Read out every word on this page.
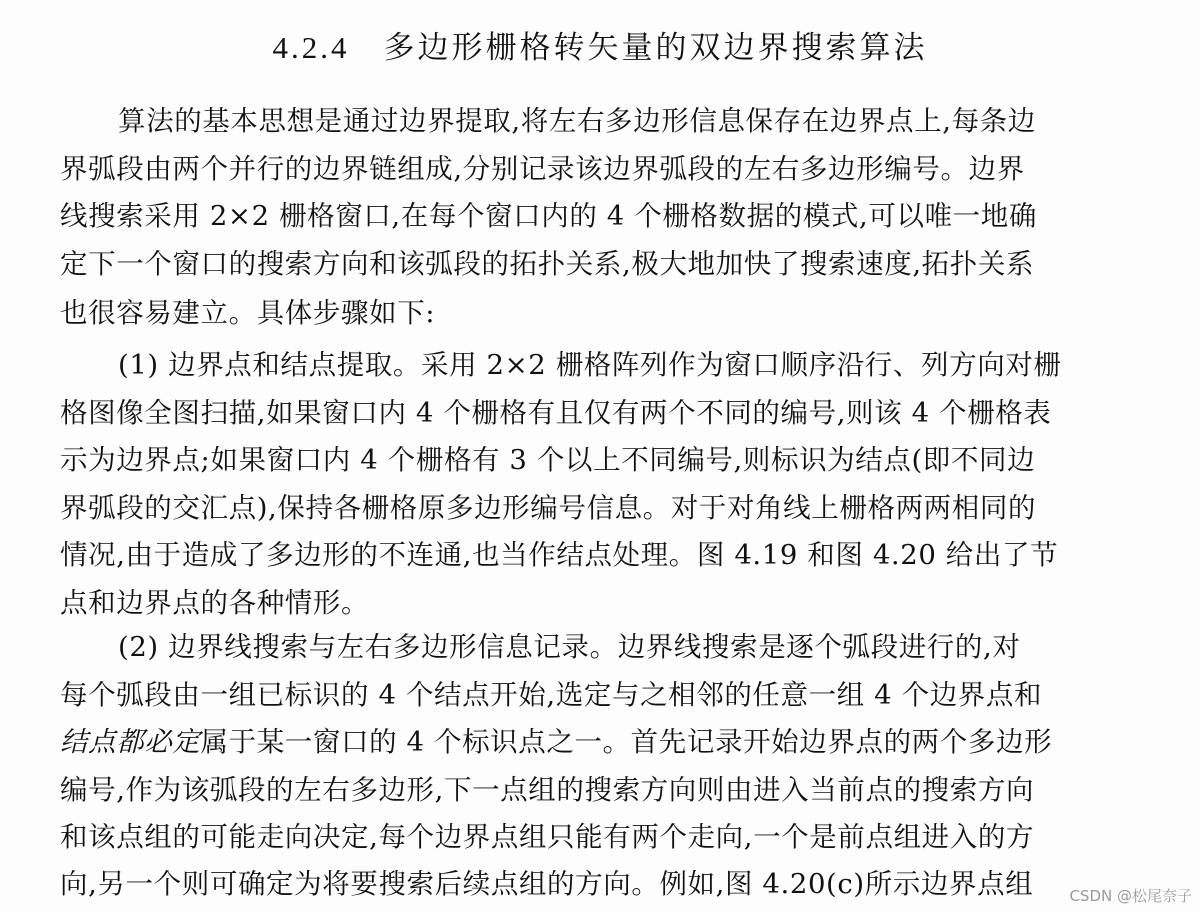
4.2.4 多边形栅格转矢量的双边界搜索算法
算法的基本思想是通过边界提取,将左右多边形信息保存在边界点上,每条边
界弧段由两个并行的边界链组成,分别记录该边界弧段的左右多边形编号。边界
线搜索采用 2×2 栅格窗口,在每个窗口内的 4 个栅格数据的模式,可以唯一地确
定下一个窗口的搜索方向和该弧段的拓扑关系,极大地加快了搜索速度,拓扑关系
也很容易建立。具体步骤如下:
(1) 边界点和结点提取。采用 2×2 栅格阵列作为窗口顺序沿行、列方向对栅
格图像全图扫描,如果窗口内 4 个栅格有且仅有两个不同的编号,则该 4 个栅格表
示为边界点;如果窗口内 4 个栅格有 3 个以上不同编号,则标识为结点(即不同边
界弧段的交汇点),保持各栅格原多边形编号信息。对于对角线上栅格两两相同的
情况,由于造成了多边形的不连通,也当作结点处理。图 4.19 和图 4.20 给出了节
点和边界点的各种情形。
(2) 边界线搜索与左右多边形信息记录。边界线搜索是逐个弧段进行的,对
每个弧段由一组已标识的 4 个结点开始,选定与之相邻的任意一组 4 个边界点和
结点都必定属于某一窗口的 4 个标识点之一。首先记录开始边界点的两个多边形
编号,作为该弧段的左右多边形,下一点组的搜索方向则由进入当前点的搜索方向
和该点组的可能走向决定,每个边界点组只能有两个走向,一个是前点组进入的方
向,另一个则可确定为将要搜索后续点组的方向。例如,图 4.20(c)所示边界点组	CSDN @松尾奈子
